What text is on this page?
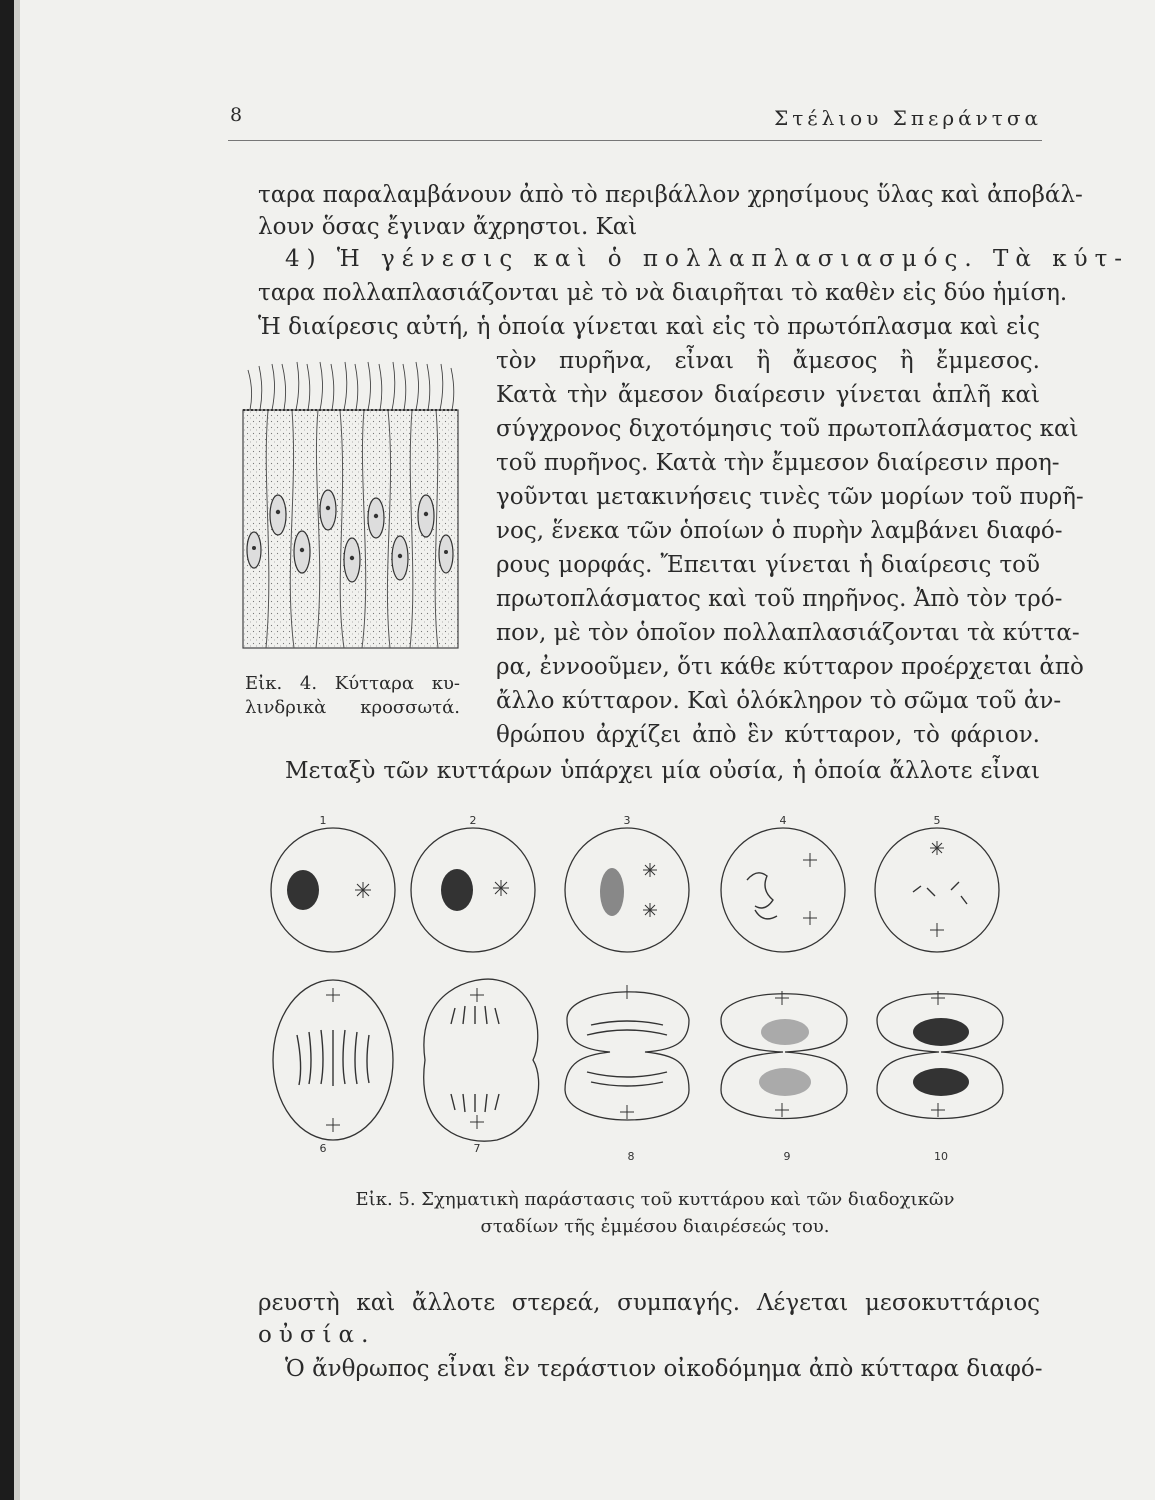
8	Στέλιου Σπεράντσα
ταρα παραλαμβάνουν ἀπὸ τὸ περιβάλλον χρησίμους ὕλας καὶ ἀποβάλ-
λουν ὅσας ἔγιναν ἄχρηστοι. Καὶ
4) Ἡ γένεσις καὶ ὁ πολλαπλασιασμός. Τὰ κύτ-
ταρα πολλαπλασιάζονται μὲ τὸ νὰ διαιρῆται τὸ καθὲν εἰς δύο ἡμίση.
Ἡ διαίρεσις αὐτή, ἡ ὁποία γίνεται καὶ εἰς τὸ πρωτόπλασμα καὶ εἰς
τὸν πυρῆνα, εἶναι ἢ ἄμεσος ἢ ἔμμεσος.
Κατὰ τὴν ἄμεσον διαίρεσιν γίνεται ἁπλῆ καὶ
σύγχρονος διχοτόμησις τοῦ πρωτοπλάσματος καὶ
τοῦ πυρῆνος. Κατὰ τὴν ἔμμεσον διαίρεσιν προη-
γοῦνται μετακινήσεις τινὲς τῶν μορίων τοῦ πυρῆ-
νος, ἕνεκα τῶν ὁποίων ὁ πυρὴν λαμβάνει διαφό-
ρους μορφάς. Ἔπειται γίνεται ἡ διαίρεσις τοῦ
πρωτοπλάσματος καὶ τοῦ πηρῆνος. Ἀπὸ τὸν τρό-
πον, μὲ τὸν ὁποῖον πολλαπλασιάζονται τὰ κύττα-
ρα, ἐννοοῦμεν, ὅτι κάθε κύτταρον προέρχεται ἀπὸ
ἄλλο κύτταρον. Καὶ ὁλόκληρον τὸ σῶμα τοῦ ἀν-
θρώπου ἀρχίζει ἀπὸ ἓν κύτταρον, τὸ φάριον.
Μεταξὺ τῶν κυττάρων ὑπάρχει μία οὐσία, ἡ ὁποία ἄλλοτε εἶναι
Εἰκ. 4. Κύτταρα κυ-
λινδρικὰ κροσσωτά.
1	2	3	4	5
6	7
8	9	10
Εἰκ. 5. Σχηματικὴ παράστασις τοῦ κυττάρου καὶ τῶν διαδοχικῶν
σταδίων τῆς ἐμμέσου διαιρέσεώς του.
ρευστὴ καὶ ἄλλοτε στερεά, συμπαγής. Λέγεται μεσοκυττάριος
οὐσία.
Ὁ ἄνθρωπος εἶναι ἓν τεράστιον οἰκοδόμημα ἀπὸ κύτταρα διαφό-
